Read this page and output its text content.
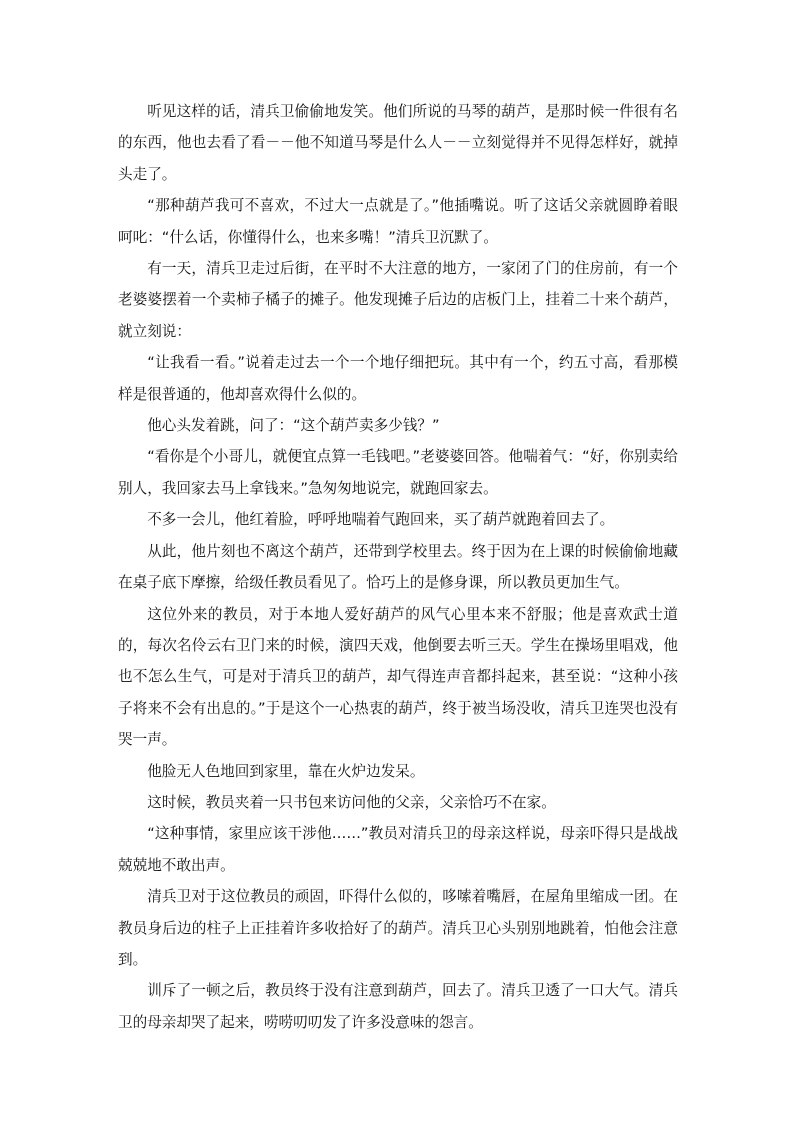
听见这样的话，清兵卫偷偷地发笑。他们所说的马琴的葫芦，是那时候一件很有名的东西，他也去看了看－－他不知道马琴是什么人－－立刻觉得并不见得怎样好，就掉头走了。

“那种葫芦我可不喜欢，不过大一点就是了。”他插嘴说。听了这话父亲就圆睁着眼呵叱：“什么话，你懂得什么，也来多嘴！”清兵卫沉默了。

有一天，清兵卫走过后街，在平时不大注意的地方，一家闭了门的住房前，有一个老婆婆摆着一个卖柿子橘子的摊子。他发现摊子后边的店板门上，挂着二十来个葫芦，就立刻说：

“让我看一看。”说着走过去一个一个地仔细把玩。其中有一个，约五寸高，看那模样是很普通的，他却喜欢得什么似的。

他心头发着跳，问了：“这个葫芦卖多少钱？”

“看你是个小哥儿，就便宜点算一毛钱吧。”老婆婆回答。他喘着气：“好，你别卖给别人，我回家去马上拿钱来。”急匆匆地说完，就跑回家去。

不多一会儿，他红着脸，呼呼地喘着气跑回来，买了葫芦就跑着回去了。

从此，他片刻也不离这个葫芦，还带到学校里去。终于因为在上课的时候偷偷地藏在桌子底下摩擦，给级任教员看见了。恰巧上的是修身课，所以教员更加生气。

这位外来的教员，对于本地人爱好葫芦的风气心里本来不舒服；他是喜欢武士道的，每次名伶云右卫门来的时候，演四天戏，他倒要去听三天。学生在操场里唱戏，他也不怎么生气，可是对于清兵卫的葫芦，却气得连声音都抖起来，甚至说：“这种小孩子将来不会有出息的。”于是这个一心热衷的葫芦，终于被当场没收，清兵卫连哭也没有哭一声。

他脸无人色地回到家里，靠在火炉边发呆。

这时候，教员夹着一只书包来访问他的父亲，父亲恰巧不在家。

“这种事情，家里应该干涉他……”教员对清兵卫的母亲这样说，母亲吓得只是战战兢兢地不敢出声。

清兵卫对于这位教员的顽固，吓得什么似的，哆嗦着嘴唇，在屋角里缩成一团。在教员身后边的柱子上正挂着许多收拾好了的葫芦。清兵卫心头别别地跳着，怕他会注意到。

训斥了一顿之后，教员终于没有注意到葫芦，回去了。清兵卫透了一口大气。清兵卫的母亲却哭了起来，唠唠叨叨发了许多没意味的怨言。
